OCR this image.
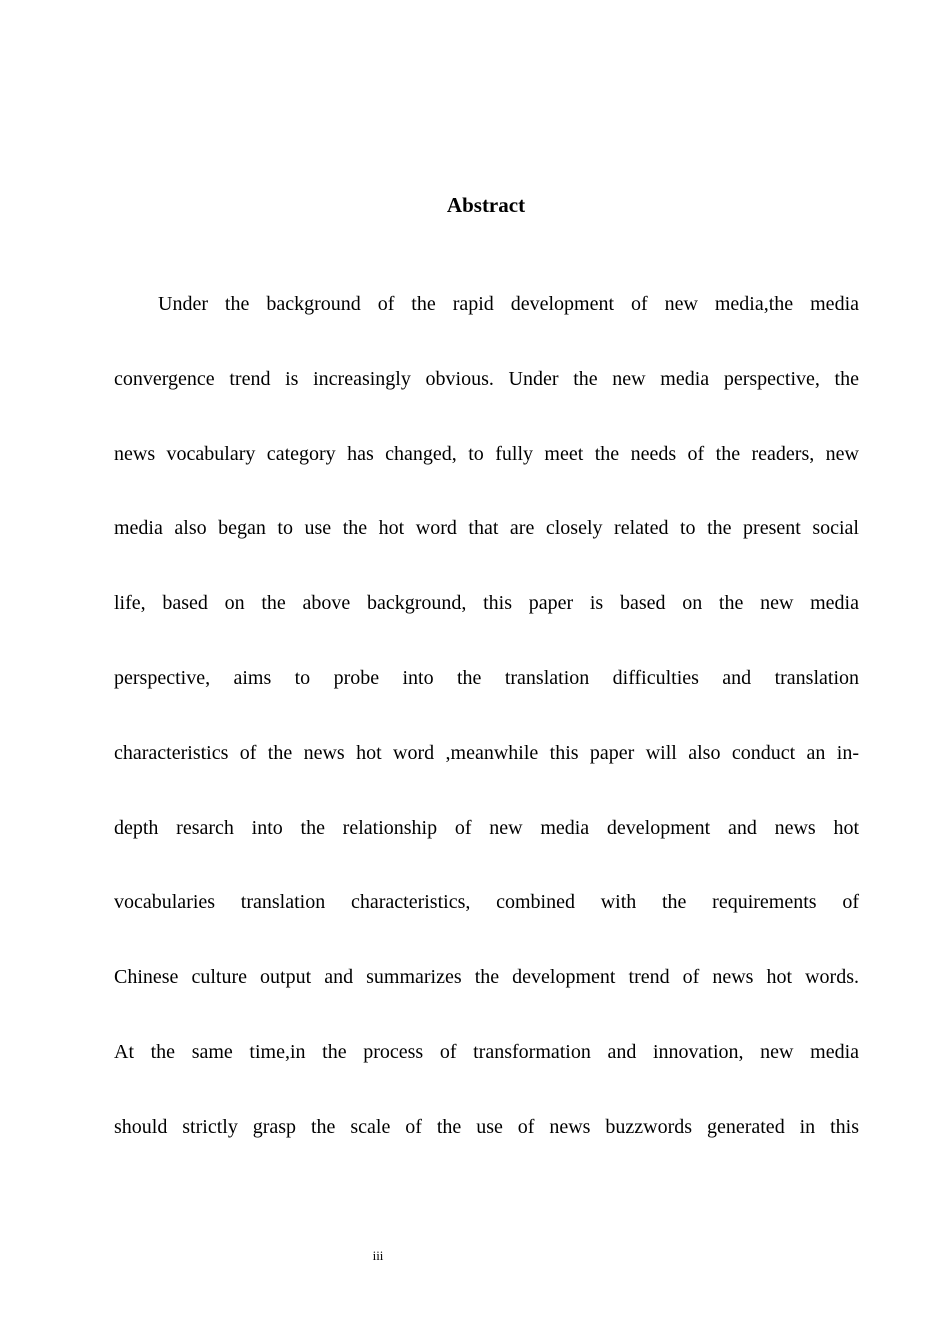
Abstract
Under the background of the rapid development of new media,the media
convergence trend is increasingly obvious. Under the new media perspective, the
news vocabulary category has changed, to fully meet the needs of the readers, new
media also began to use the hot word that are closely related to the present social
life, based on the above background, this paper is based on the new media
perspective, aims to probe into the translation difficulties and translation
characteristics of the news hot word ,meanwhile this paper will also conduct an in-
depth resarch into the relationship of new media development and news hot
vocabularies translation characteristics, combined with the requirements of
Chinese culture output and summarizes the development trend of news hot words.
At the same time,in the process of transformation and innovation, new media
should strictly grasp the scale of the use of news buzzwords generated in this
iii
